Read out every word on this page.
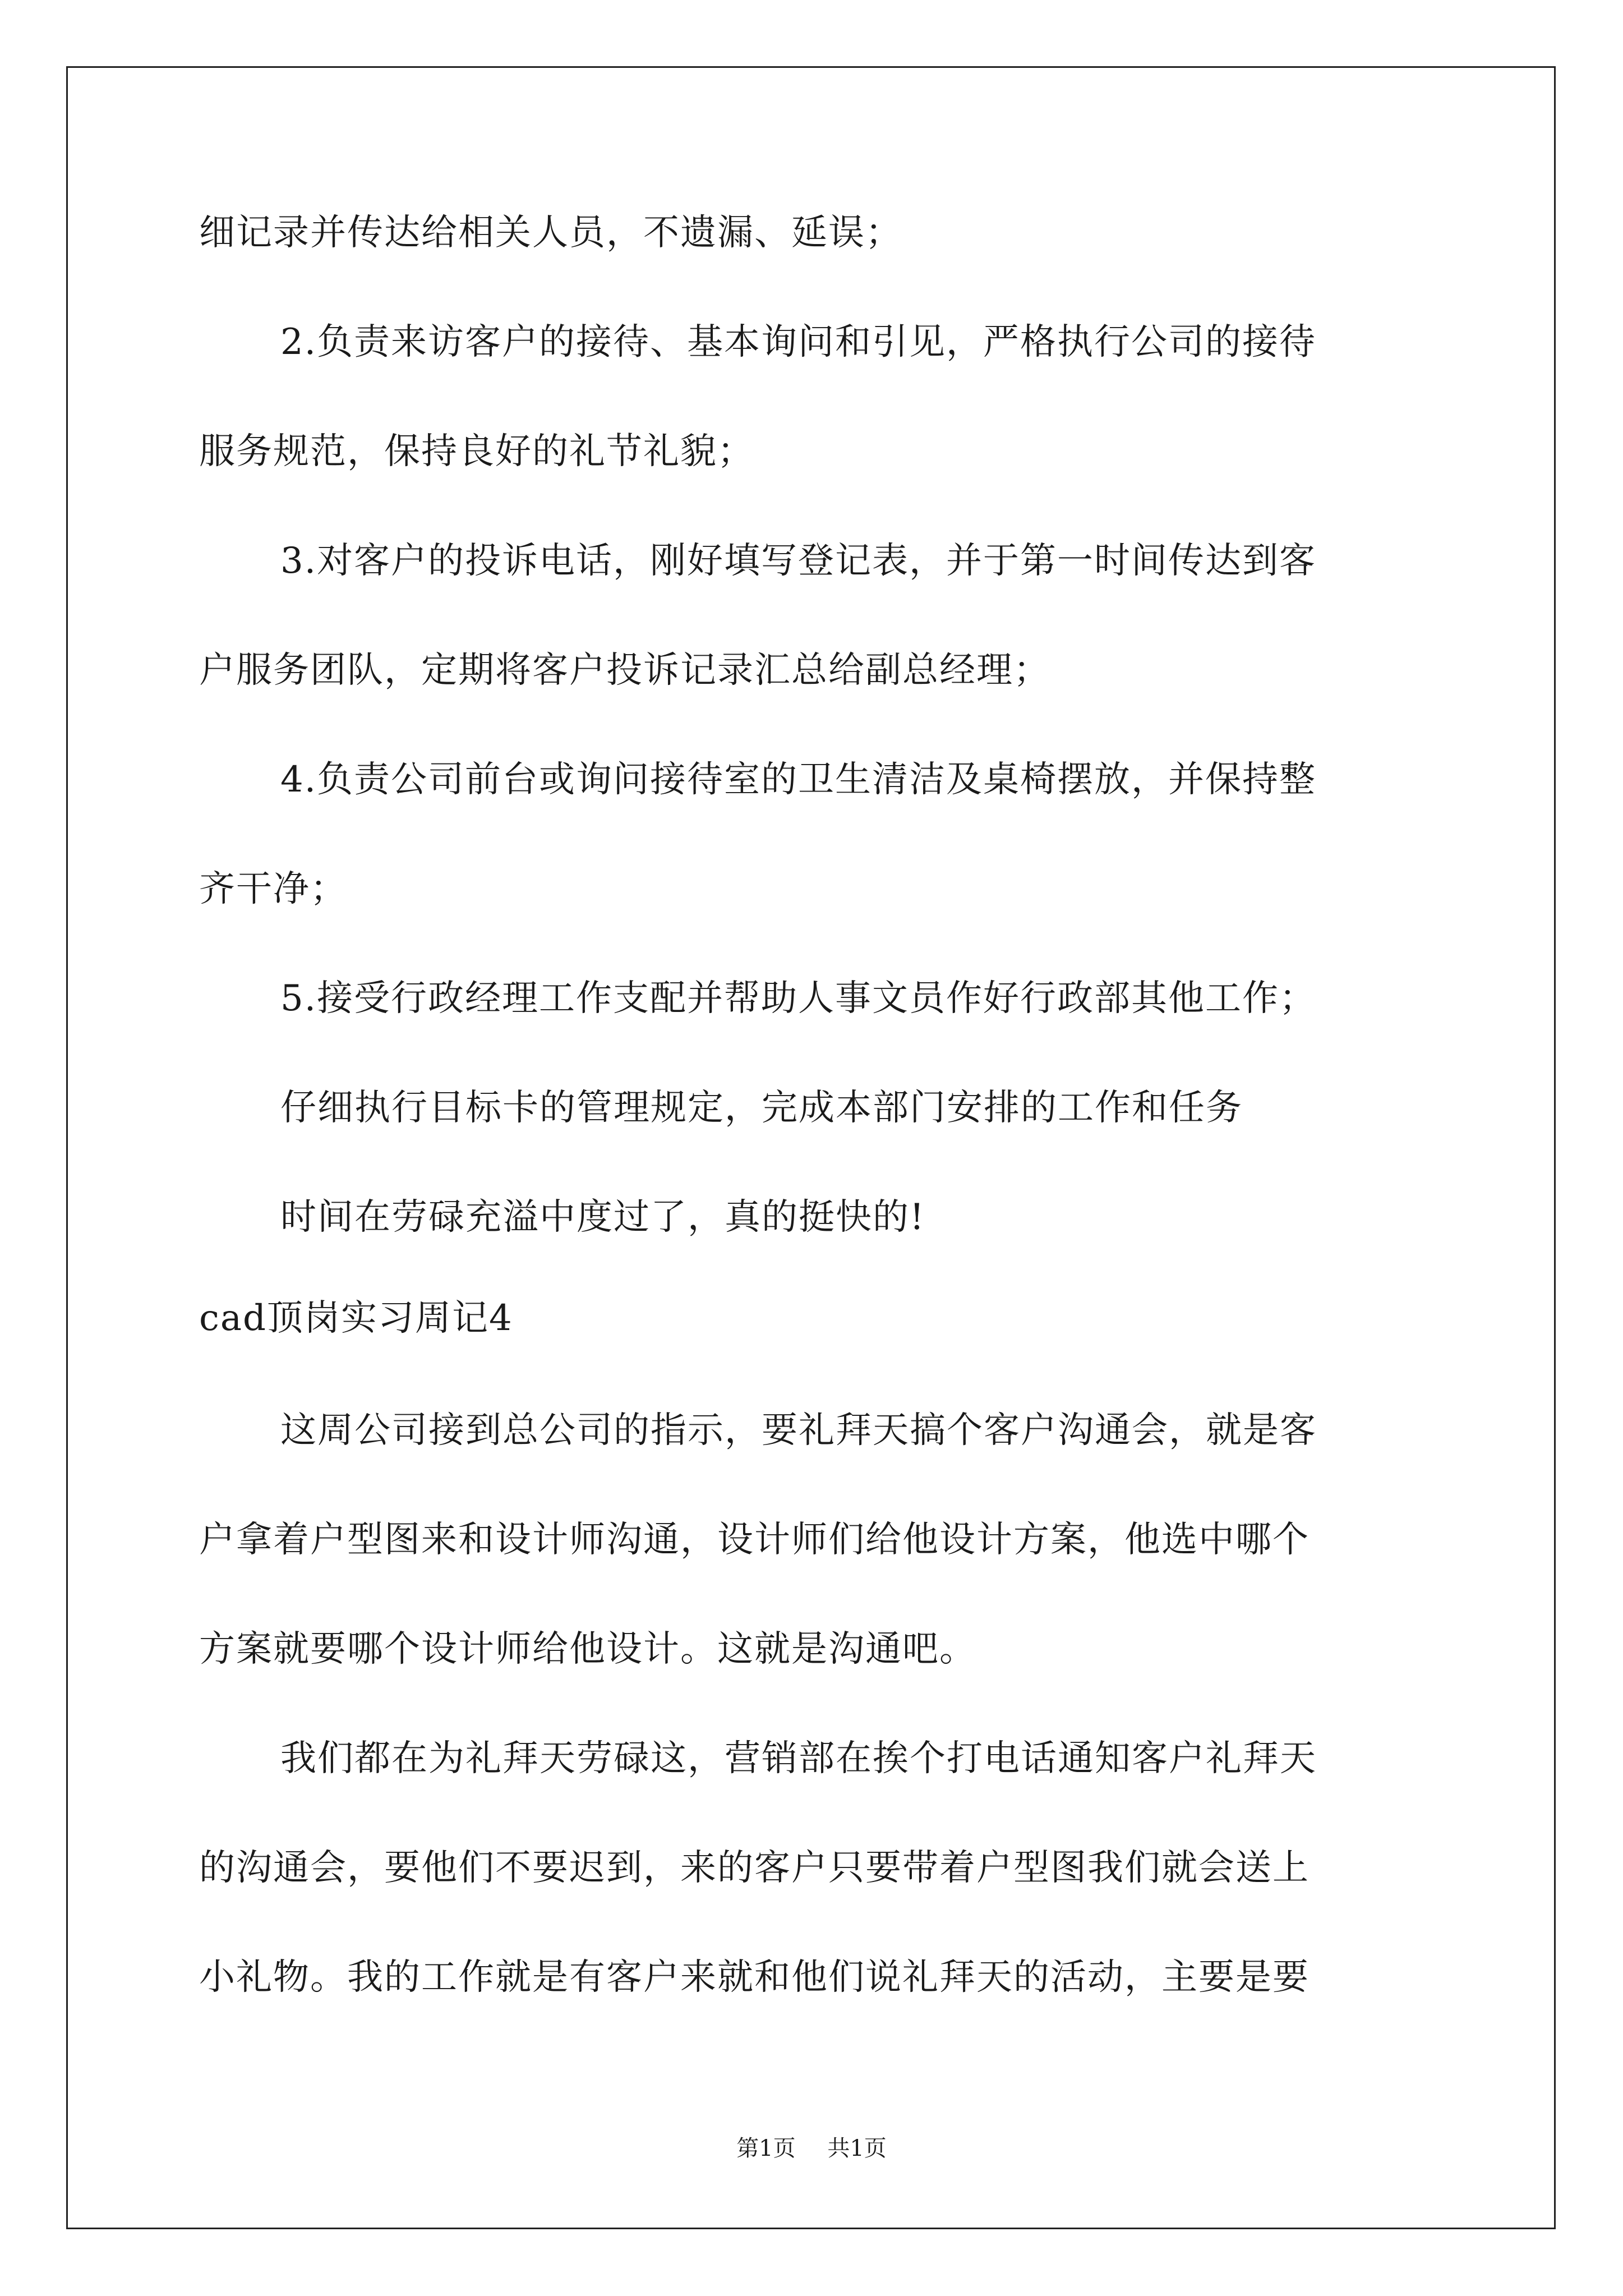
细记录并传达给相关人员，不遗漏、延误；
2.负责来访客户的接待、基本询问和引见，严格执行公司的接待
服务规范，保持良好的礼节礼貌；
3.对客户的投诉电话，刚好填写登记表，并于第一时间传达到客
户服务团队，定期将客户投诉记录汇总给副总经理；
4.负责公司前台或询问接待室的卫生清洁及桌椅摆放，并保持整
齐干净；
5.接受行政经理工作支配并帮助人事文员作好行政部其他工作；
仔细执行目标卡的管理规定，完成本部门安排的工作和任务
时间在劳碌充溢中度过了，真的挺快的!
cad顶岗实习周记4
这周公司接到总公司的指示，要礼拜天搞个客户沟通会，就是客
户拿着户型图来和设计师沟通，设计师们给他设计方案，他选中哪个
方案就要哪个设计师给他设计。这就是沟通吧。
我们都在为礼拜天劳碌这，营销部在挨个打电话通知客户礼拜天
的沟通会，要他们不要迟到，来的客户只要带着户型图我们就会送上
小礼物。我的工作就是有客户来就和他们说礼拜天的活动，主要是要
第1页 共1页
